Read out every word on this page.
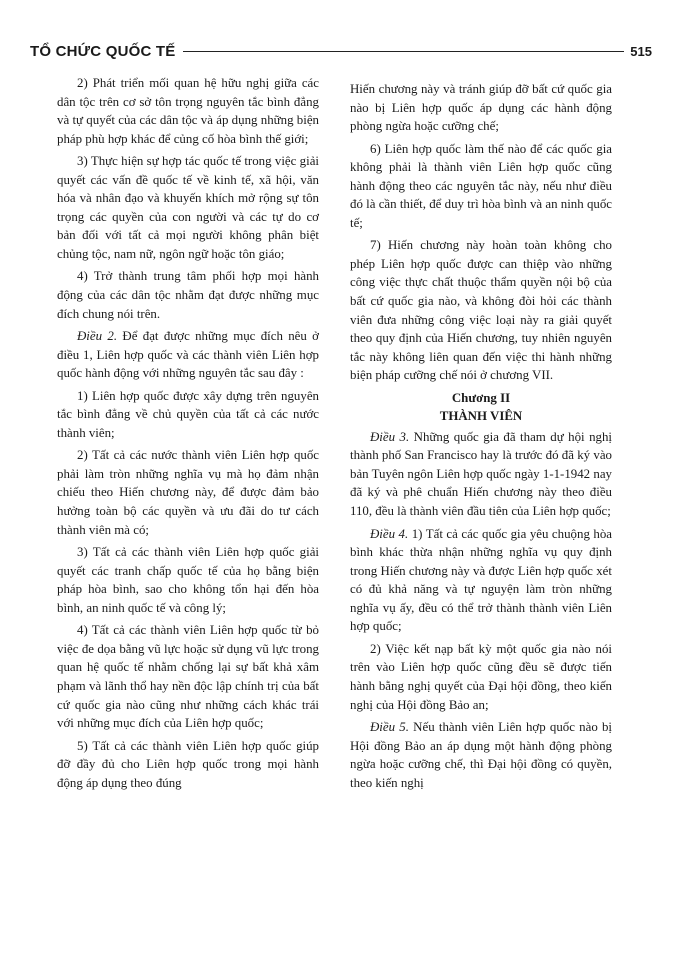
TỔ CHỨC QUỐC TẾ	515

2) Phát triển mối quan hệ hữu nghị giữa các dân tộc trên cơ sở tôn trọng nguyên tắc bình đẳng và tự quyết của các dân tộc và áp dụng những biện pháp phù hợp khác để củng cố hòa bình thế giới;

3) Thực hiện sự hợp tác quốc tế trong việc giải quyết các vấn đề quốc tế về kinh tế, xã hội, văn hóa và nhân đạo và khuyến khích mở rộng sự tôn trọng các quyền của con người và các tự do cơ bản đối với tất cả mọi người không phân biệt chủng tộc, nam nữ, ngôn ngữ hoặc tôn giáo;

4) Trở thành trung tâm phối hợp mọi hành động của các dân tộc nhằm đạt được những mục đích chung nói trên.

Điều 2. Để đạt được những mục đích nêu ở điều 1, Liên hợp quốc và các thành viên Liên hợp quốc hành động với những nguyên tắc sau đây :

1) Liên hợp quốc được xây dựng trên nguyên tắc bình đẳng về chủ quyền của tất cả các nước thành viên;

2) Tất cả các nước thành viên Liên hợp quốc phải làm tròn những nghĩa vụ mà họ đảm nhận chiếu theo Hiến chương này, để được đảm bảo hưởng toàn bộ các quyền và ưu đãi do tư cách thành viên mà có;

3) Tất cả các thành viên Liên hợp quốc giải quyết các tranh chấp quốc tế của họ bằng biện pháp hòa bình, sao cho không tổn hại đến hòa bình, an ninh quốc tế và công lý;

4) Tất cả các thành viên Liên hợp quốc từ bỏ việc đe dọa bằng vũ lực hoặc sử dụng vũ lực trong quan hệ quốc tế nhằm chống lại sự bất khả xâm phạm và lãnh thổ hay nền độc lập chính trị của bất cứ quốc gia nào cũng như những cách khác trái với những mục đích của Liên hợp quốc;

5) Tất cả các thành viên Liên hợp quốc giúp đỡ đầy đủ cho Liên hợp quốc trong mọi hành động áp dụng theo đúng

Hiến chương này và tránh giúp đỡ bất cứ quốc gia nào bị Liên hợp quốc áp dụng các hành động phòng ngừa hoặc cưỡng chế;

6) Liên hợp quốc làm thế nào để các quốc gia không phải là thành viên Liên hợp quốc cũng hành động theo các nguyên tắc này, nếu như điều đó là cần thiết, để duy trì hòa bình và an ninh quốc tế;

7) Hiến chương này hoàn toàn không cho phép Liên hợp quốc được can thiệp vào những công việc thực chất thuộc thẩm quyền nội bộ của bất cứ quốc gia nào, và không đòi hỏi các thành viên đưa những công việc loại này ra giải quyết theo quy định của Hiến chương, tuy nhiên nguyên tắc này không liên quan đến việc thi hành những biện pháp cưỡng chế nói ở chương VII.

Chương II
THÀNH VIÊN

Điều 3. Những quốc gia đã tham dự hội nghị thành phố San Francisco hay là trước đó đã ký vào bản Tuyên ngôn Liên hợp quốc ngày 1-1-1942 nay đã ký và phê chuẩn Hiến chương này theo điều 110, đều là thành viên đầu tiên của Liên hợp quốc;

Điều 4. 1) Tất cả các quốc gia yêu chuộng hòa bình khác thừa nhận những nghĩa vụ quy định trong Hiến chương này và được Liên hợp quốc xét có đủ khả năng và tự nguyện làm tròn những nghĩa vụ ấy, đều có thể trở thành thành viên Liên hợp quốc;

2) Việc kết nạp bất kỳ một quốc gia nào nói trên vào Liên hợp quốc cũng đều sẽ được tiến hành bằng nghị quyết của Đại hội đồng, theo kiến nghị của Hội đồng Bảo an;

Điều 5. Nếu thành viên Liên hợp quốc nào bị Hội đồng Bảo an áp dụng một hành động phòng ngừa hoặc cưỡng chế, thì Đại hội đồng có quyền, theo kiến nghị
